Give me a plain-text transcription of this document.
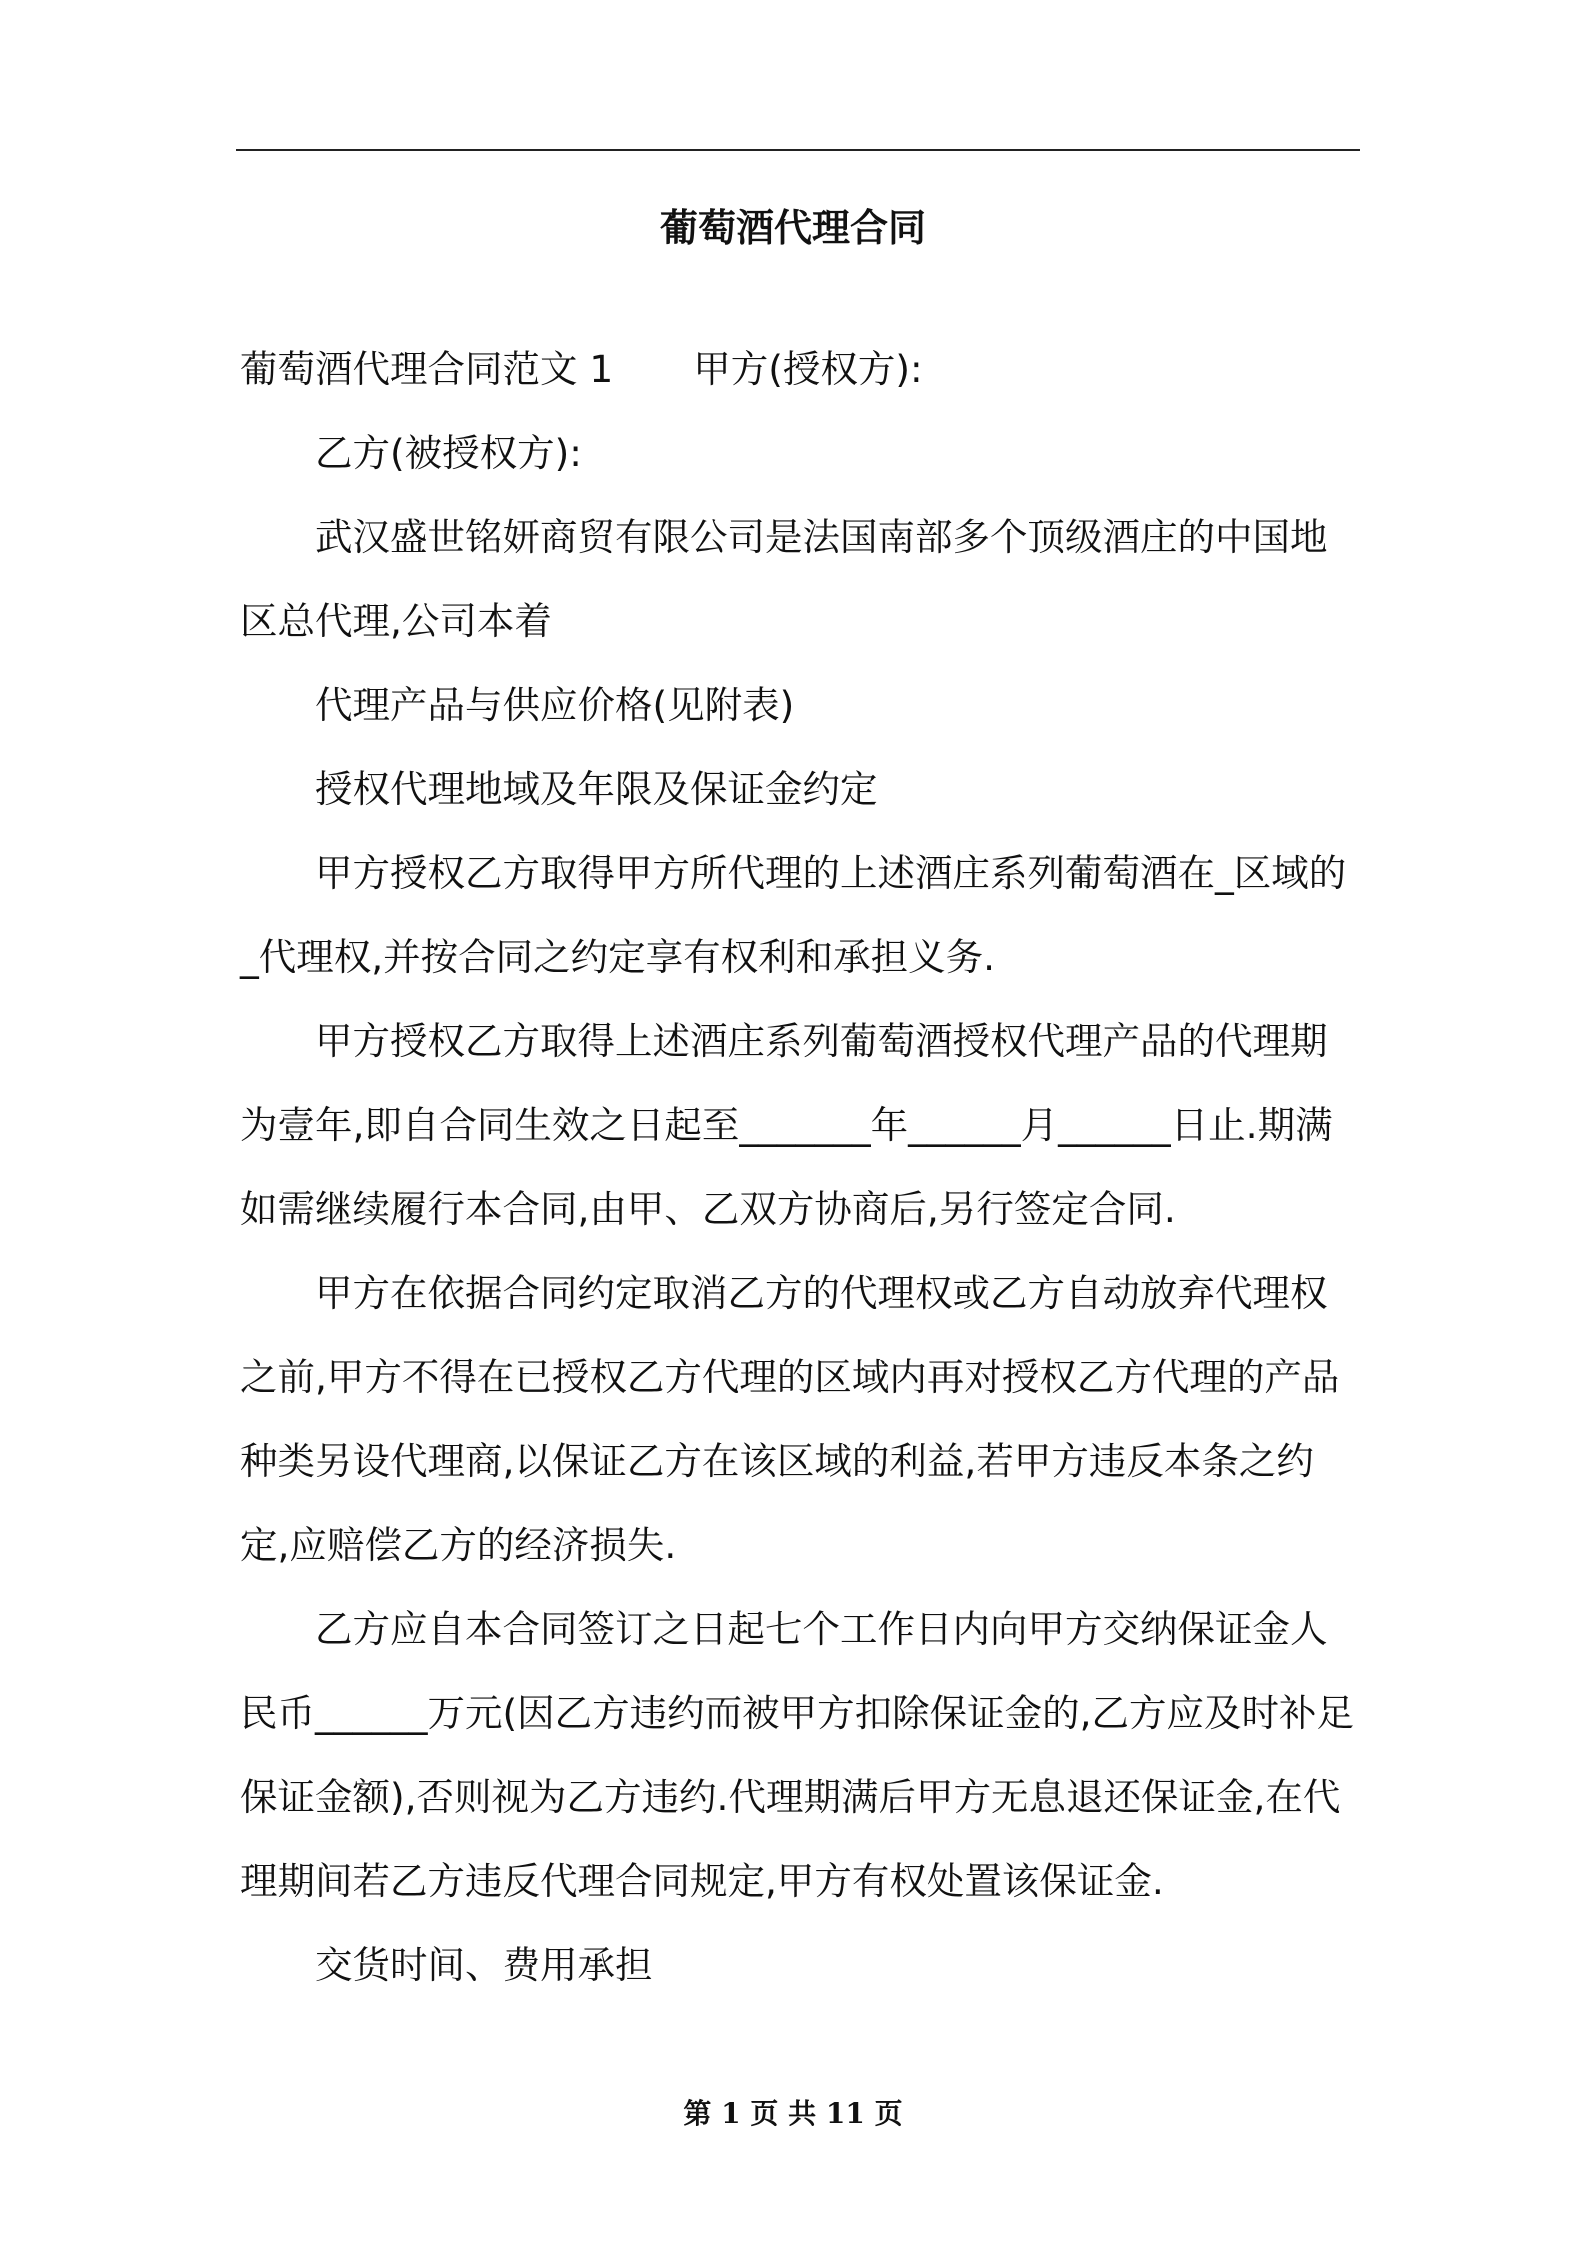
葡萄酒代理合同

葡萄酒代理合同范文 1 甲方(授权方):

乙方(被授权方):

武汉盛世铭妍商贸有限公司是法国南部多个顶级酒庄的中国地区总代理,公司本着

代理产品与供应价格(见附表)

授权代理地域及年限及保证金约定

甲方授权乙方取得甲方所代理的上述酒庄系列葡萄酒在_区域的_代理权,并按合同之约定享有权利和承担义务.

甲方授权乙方取得上述酒庄系列葡萄酒授权代理产品的代理期为壹年,即自合同生效之日起至_______年______月______日止.期满如需继续履行本合同,由甲、乙双方协商后,另行签定合同.

甲方在依据合同约定取消乙方的代理权或乙方自动放弃代理权之前,甲方不得在已授权乙方代理的区域内再对授权乙方代理的产品种类另设代理商,以保证乙方在该区域的利益,若甲方违反本条之约定,应赔偿乙方的经济损失.

乙方应自本合同签订之日起七个工作日内向甲方交纳保证金人民币______万元(因乙方违约而被甲方扣除保证金的,乙方应及时补足保证金额),否则视为乙方违约.代理期满后甲方无息退还保证金,在代理期间若乙方违反代理合同规定,甲方有权处置该保证金.

交货时间、费用承担

第 1 页 共 11 页
